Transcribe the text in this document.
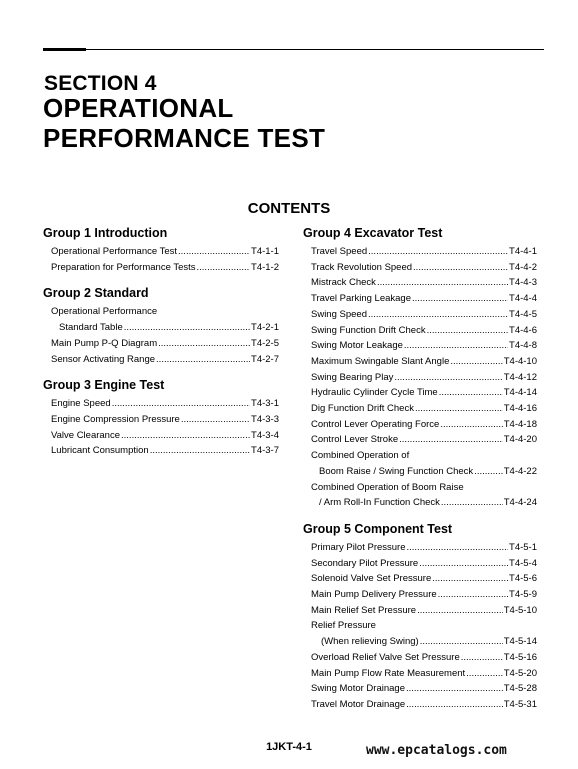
SECTION 4
OPERATIONAL
PERFORMANCE TEST
CONTENTS
Group 1 Introduction
Operational Performance Test .....	T4-1-1
Preparation for Performance Tests .....	T4-1-2
Group 2 Standard
Operational Performance
Standard Table .....	T4-2-1
Main Pump P-Q Diagram .....	T4-2-5
Sensor Activating Range .....	T4-2-7
Group 3 Engine Test
Engine Speed .....	T4-3-1
Engine Compression Pressure .....	T4-3-3
Valve Clearance .....	T4-3-4
Lubricant Consumption .....	T4-3-7
Group 4 Excavator Test
Travel Speed .....	T4-4-1
Track Revolution Speed .....	T4-4-2
Mistrack Check .....	T4-4-3
Travel Parking Leakage .....	T4-4-4
Swing Speed .....	T4-4-5
Swing Function Drift Check .....	T4-4-6
Swing Motor Leakage .....	T4-4-8
Maximum Swingable Slant Angle .....	T4-4-10
Swing Bearing Play .....	T4-4-12
Hydraulic Cylinder Cycle Time .....	T4-4-14
Dig Function Drift Check .....	T4-4-16
Control Lever Operating Force .....	T4-4-18
Control Lever Stroke .....	T4-4-20
Combined Operation of
Boom Raise / Swing Function Check .....	T4-4-22
Combined Operation of Boom Raise
/ Arm Roll-In Function Check .....	T4-4-24
Group 5 Component Test
Primary Pilot Pressure .....	T4-5-1
Secondary Pilot Pressure .....	T4-5-4
Solenoid Valve Set Pressure .....	T4-5-6
Main Pump Delivery Pressure .....	T4-5-9
Main Relief Set Pressure .....	T4-5-10
Relief Pressure
(When relieving Swing) .....	T4-5-14
Overload Relief Valve Set Pressure .....	T4-5-16
Main Pump Flow Rate Measurement .....	T4-5-20
Swing Motor Drainage .....	T4-5-28
Travel Motor Drainage .....	T4-5-31
1JKT-4-1	www.epcatalogs.com
